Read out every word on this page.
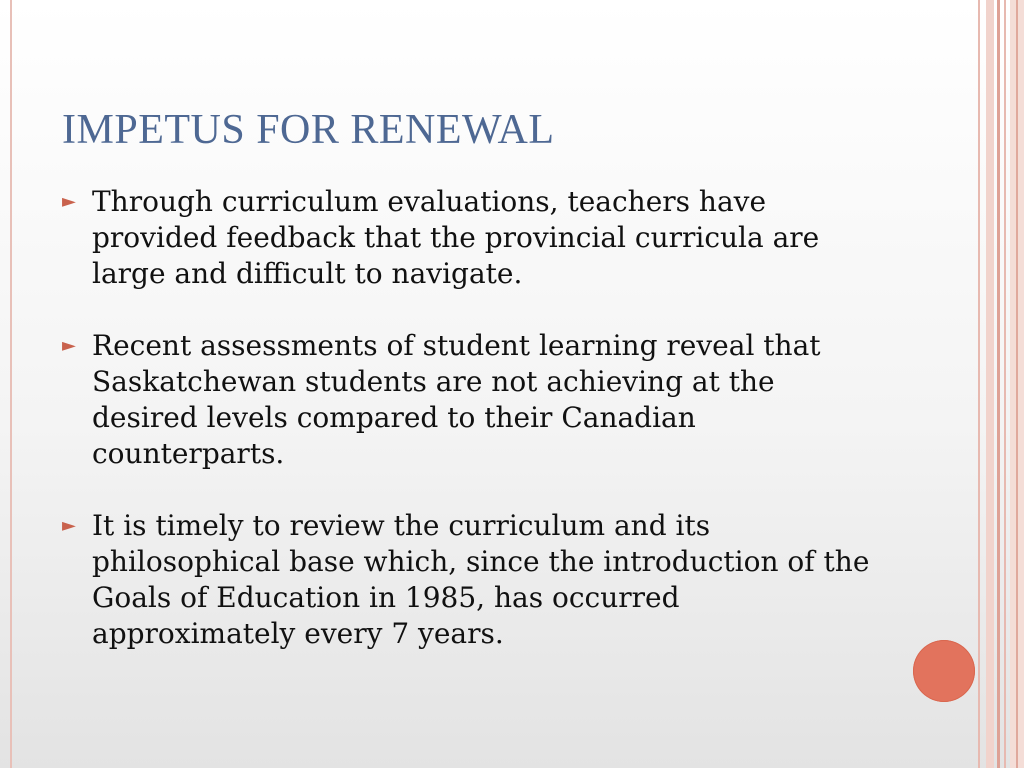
IMPETUS FOR RENEWAL
► Through curriculum evaluations, teachers have provided feedback that the provincial curricula are large and difficult to navigate.
► Recent assessments of student learning reveal that Saskatchewan students are not achieving at the desired levels compared to their Canadian counterparts.
► It is timely to review the curriculum and its philosophical base which, since the introduction of the Goals of Education in 1985, has occurred approximately every 7 years.
